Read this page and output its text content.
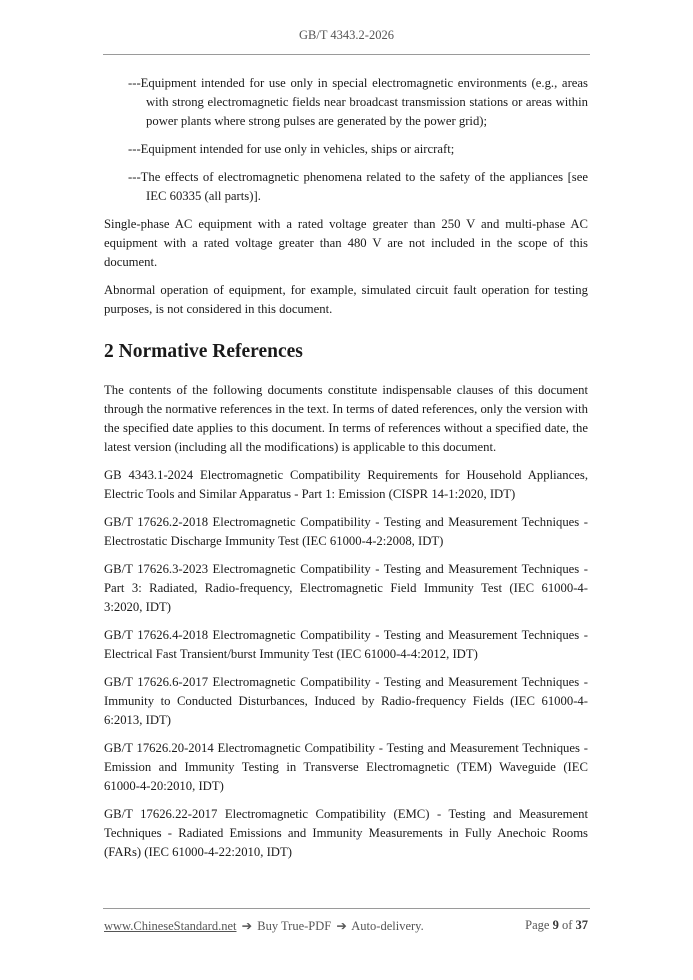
GB/T 4343.2-2026
---Equipment intended for use only in special electromagnetic environments (e.g., areas with strong electromagnetic fields near broadcast transmission stations or areas within power plants where strong pulses are generated by the power grid);
---Equipment intended for use only in vehicles, ships or aircraft;
---The effects of electromagnetic phenomena related to the safety of the appliances [see IEC 60335 (all parts)].
Single-phase AC equipment with a rated voltage greater than 250 V and multi-phase AC equipment with a rated voltage greater than 480 V are not included in the scope of this document.
Abnormal operation of equipment, for example, simulated circuit fault operation for testing purposes, is not considered in this document.
2 Normative References
The contents of the following documents constitute indispensable clauses of this document through the normative references in the text. In terms of dated references, only the version with the specified date applies to this document. In terms of references without a specified date, the latest version (including all the modifications) is applicable to this document.
GB 4343.1-2024 Electromagnetic Compatibility Requirements for Household Appliances, Electric Tools and Similar Apparatus - Part 1: Emission (CISPR 14-1:2020, IDT)
GB/T 17626.2-2018 Electromagnetic Compatibility - Testing and Measurement Techniques - Electrostatic Discharge Immunity Test (IEC 61000-4-2:2008, IDT)
GB/T 17626.3-2023 Electromagnetic Compatibility - Testing and Measurement Techniques - Part 3: Radiated, Radio-frequency, Electromagnetic Field Immunity Test (IEC 61000-4-3:2020, IDT)
GB/T 17626.4-2018 Electromagnetic Compatibility - Testing and Measurement Techniques - Electrical Fast Transient/burst Immunity Test (IEC 61000-4-4:2012, IDT)
GB/T 17626.6-2017 Electromagnetic Compatibility - Testing and Measurement Techniques - Immunity to Conducted Disturbances, Induced by Radio-frequency Fields (IEC 61000-4-6:2013, IDT)
GB/T 17626.20-2014 Electromagnetic Compatibility - Testing and Measurement Techniques - Emission and Immunity Testing in Transverse Electromagnetic (TEM) Waveguide (IEC 61000-4-20:2010, IDT)
GB/T 17626.22-2017 Electromagnetic Compatibility (EMC) - Testing and Measurement Techniques - Radiated Emissions and Immunity Measurements in Fully Anechoic Rooms (FARs) (IEC 61000-4-22:2010, IDT)
www.ChineseStandard.net ➔ Buy True-PDF ➔ Auto-delivery.	Page 9 of 37
